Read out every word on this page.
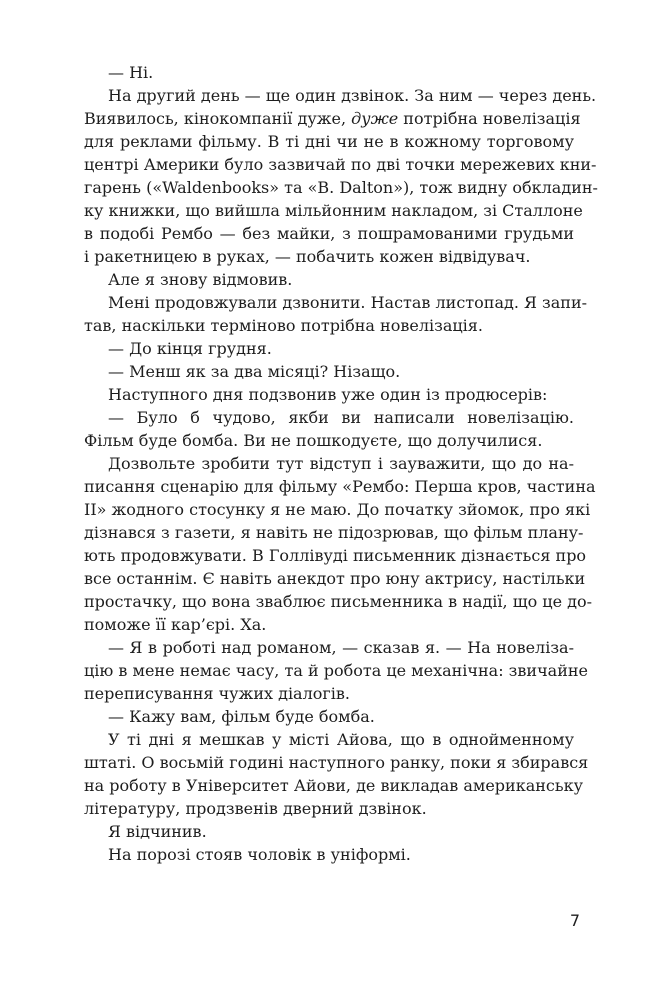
— Ні.
На другий день — ще один дзвінок. За ним — через день.
Виявилось, кінокомпанії дуже, дуже потрібна новелізація
для реклами фільму. В ті дні чи не в кожному торговому
центрі Америки було зазвичай по дві точки мережевих кни-
гарень («Waldenbooks» та «B. Dalton»), тож видну обкладин-
ку книжки, що вийшла мільйонним накладом, зі Сталлоне
в подобі Рембо — без майки, з пошрамованими грудьми
і ракетницею в руках, — побачить кожен відвідувач.
Але я знову відмовив.
Мені продовжували дзвонити. Настав листопад. Я запи-
тав, наскільки терміново потрібна новелізація.
— До кінця грудня.
— Менш як за два місяці? Нізащо.
Наступного дня подзвонив уже один із продюсерів:
— Було б чудово, якби ви написали новелізацію.
Фільм буде бомба. Ви не пошкодуєте, що долучилися.
Дозвольте зробити тут відступ і зауважити, що до на-
писання сценарію для фільму «Рембо: Перша кров, частина
ІІ» жодного стосунку я не маю. До початку зйомок, про які
дізнався з газети, я навіть не підозрював, що фільм плану-
ють продовжувати. В Голлівуді письменник дізнається про
все останнім. Є навіть анекдот про юну актрису, настільки
простачку, що вона зваблює письменника в надії, що це до-
поможе її кар’єрі. Ха.
— Я в роботі над романом, — сказав я. — На новеліза-
цію в мене немає часу, та й робота це механічна: звичайне
переписування чужих діалогів.
— Кажу вам, фільм буде бомба.
У ті дні я мешкав у місті Айова, що в однойменному
штаті. О восьмій годині наступного ранку, поки я збирався
на роботу в Університет Айови, де викладав американську
літературу, продзвенів дверний дзвінок.
Я відчинив.
На порозі стояв чоловік в уніформі.
7
